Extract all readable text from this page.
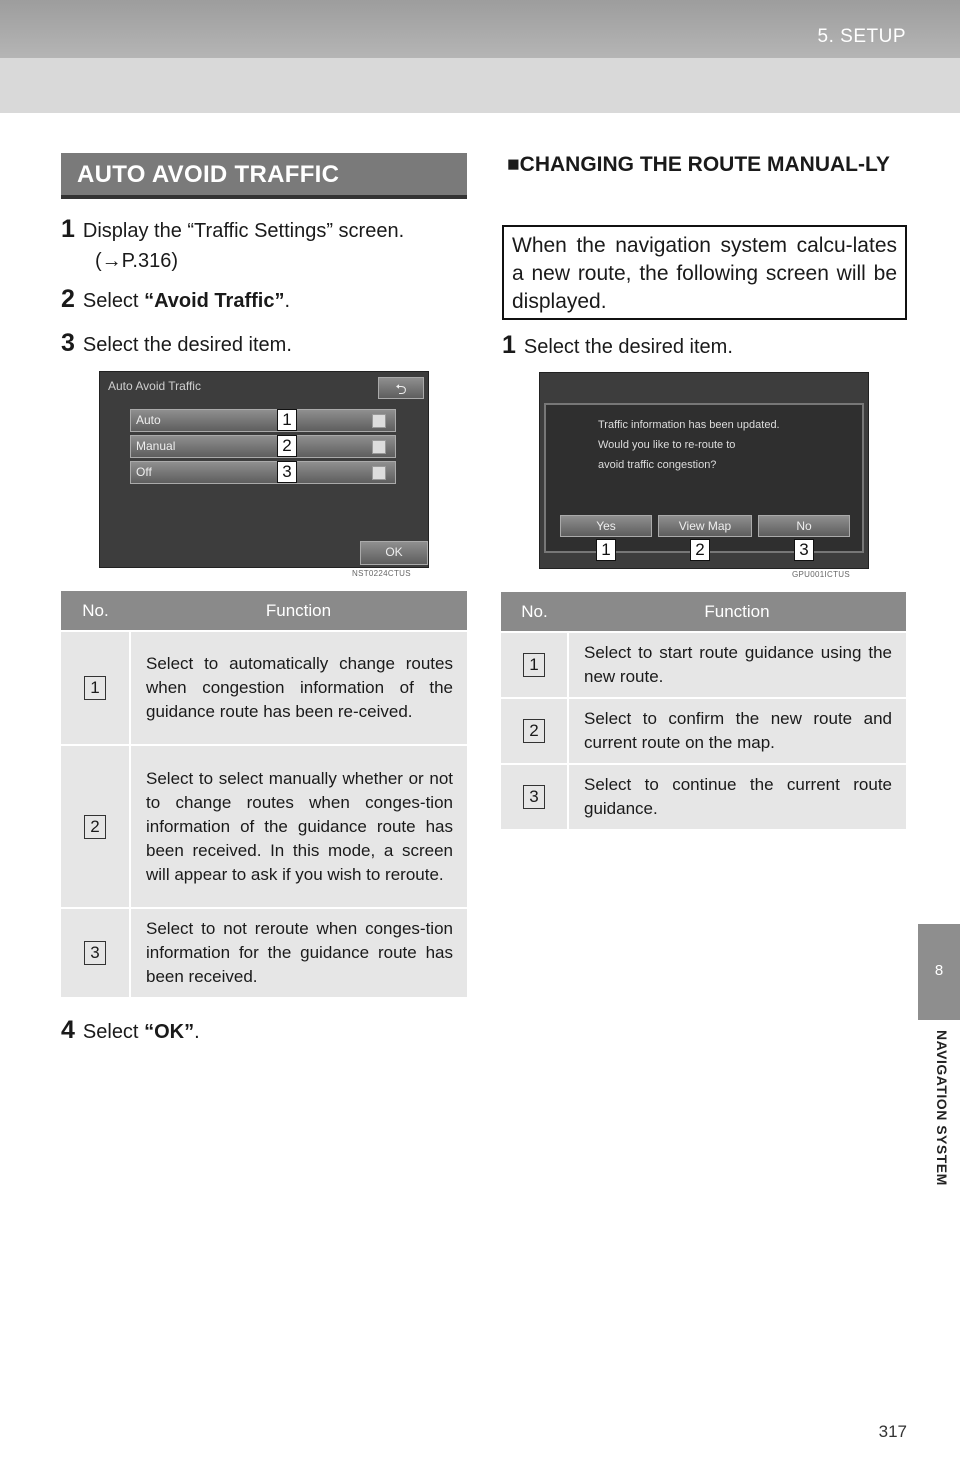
5. SETUP
8
NAVIGATION SYSTEM
AUTO AVOID TRAFFIC
1 Display the “Traffic Settings” screen.
(→P.316)
2 Select “Avoid Traffic”.
3 Select the desired item.
Auto Avoid Traffic	⮌
Auto
Manual
Off
1
2
3
OK
NST0224CTUS
No.	Function
1	Select to automatically change routes when congestion information of the guidance route has been re-ceived.
2	Select to select manually whether or not to change routes when conges-tion information of the guidance route has been received. In this mode, a screen will appear to ask if you wish to reroute.
3	Select to not reroute when conges-tion information for the guidance route has been received.
4 Select “OK”.
■CHANGING THE ROUTE MANUAL-LY
When the navigation system calcu-lates a new route, the following screen will be displayed.
1 Select the desired item.
Traffic information has been updated.
Would you like to re-route to
avoid traffic congestion?
Yes	View Map	No
1	2	3
GPU001ICTUS
No.	Function
1	Select to start route guidance using the new route.
2	Select to confirm the new route and current route on the map.
3	Select to continue the current route guidance.
317
